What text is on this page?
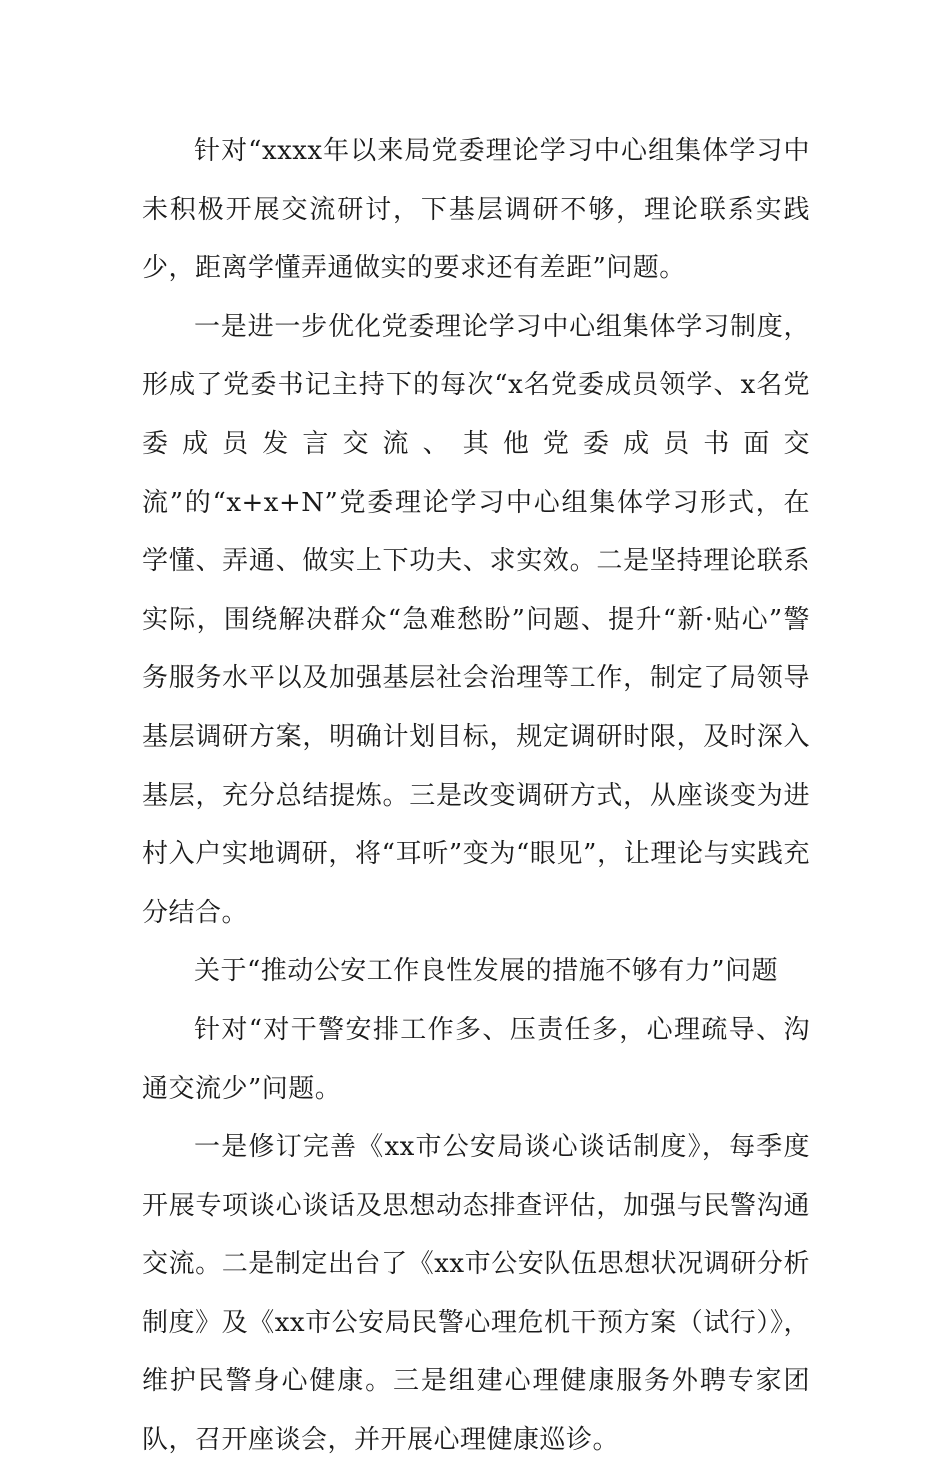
针对“xxxx年以来局党委理论学习中心组集体学习中未积极开展交流研讨，下基层调研不够，理论联系实践少，距离学懂弄通做实的要求还有差距”问题。

一是进一步优化党委理论学习中心组集体学习制度，形成了党委书记主持下的每次“x名党委成员领学、x名党委成员发言交流、其他党委成员书面交流”的“x+x+N”党委理论学习中心组集体学习形式，在学懂、弄通、做实上下功夫、求实效。二是坚持理论联系实际，围绕解决群众“急难愁盼”问题、提升“新·贴心”警务服务水平以及加强基层社会治理等工作，制定了局领导基层调研方案，明确计划目标，规定调研时限，及时深入基层，充分总结提炼。三是改变调研方式，从座谈变为进村入户实地调研，将“耳听”变为“眼见”，让理论与实践充分结合。

关于“推动公安工作良性发展的措施不够有力”问题

针对“对干警安排工作多、压责任多，心理疏导、沟通交流少”问题。

一是修订完善《xx市公安局谈心谈话制度》，每季度开展专项谈心谈话及思想动态排查评估，加强与民警沟通交流。二是制定出台了《xx市公安队伍思想状况调研分析制度》及《xx市公安局民警心理危机干预方案（试行）》，维护民警身心健康。三是组建心理健康服务外聘专家团队，召开座谈会，并开展心理健康巡诊。
